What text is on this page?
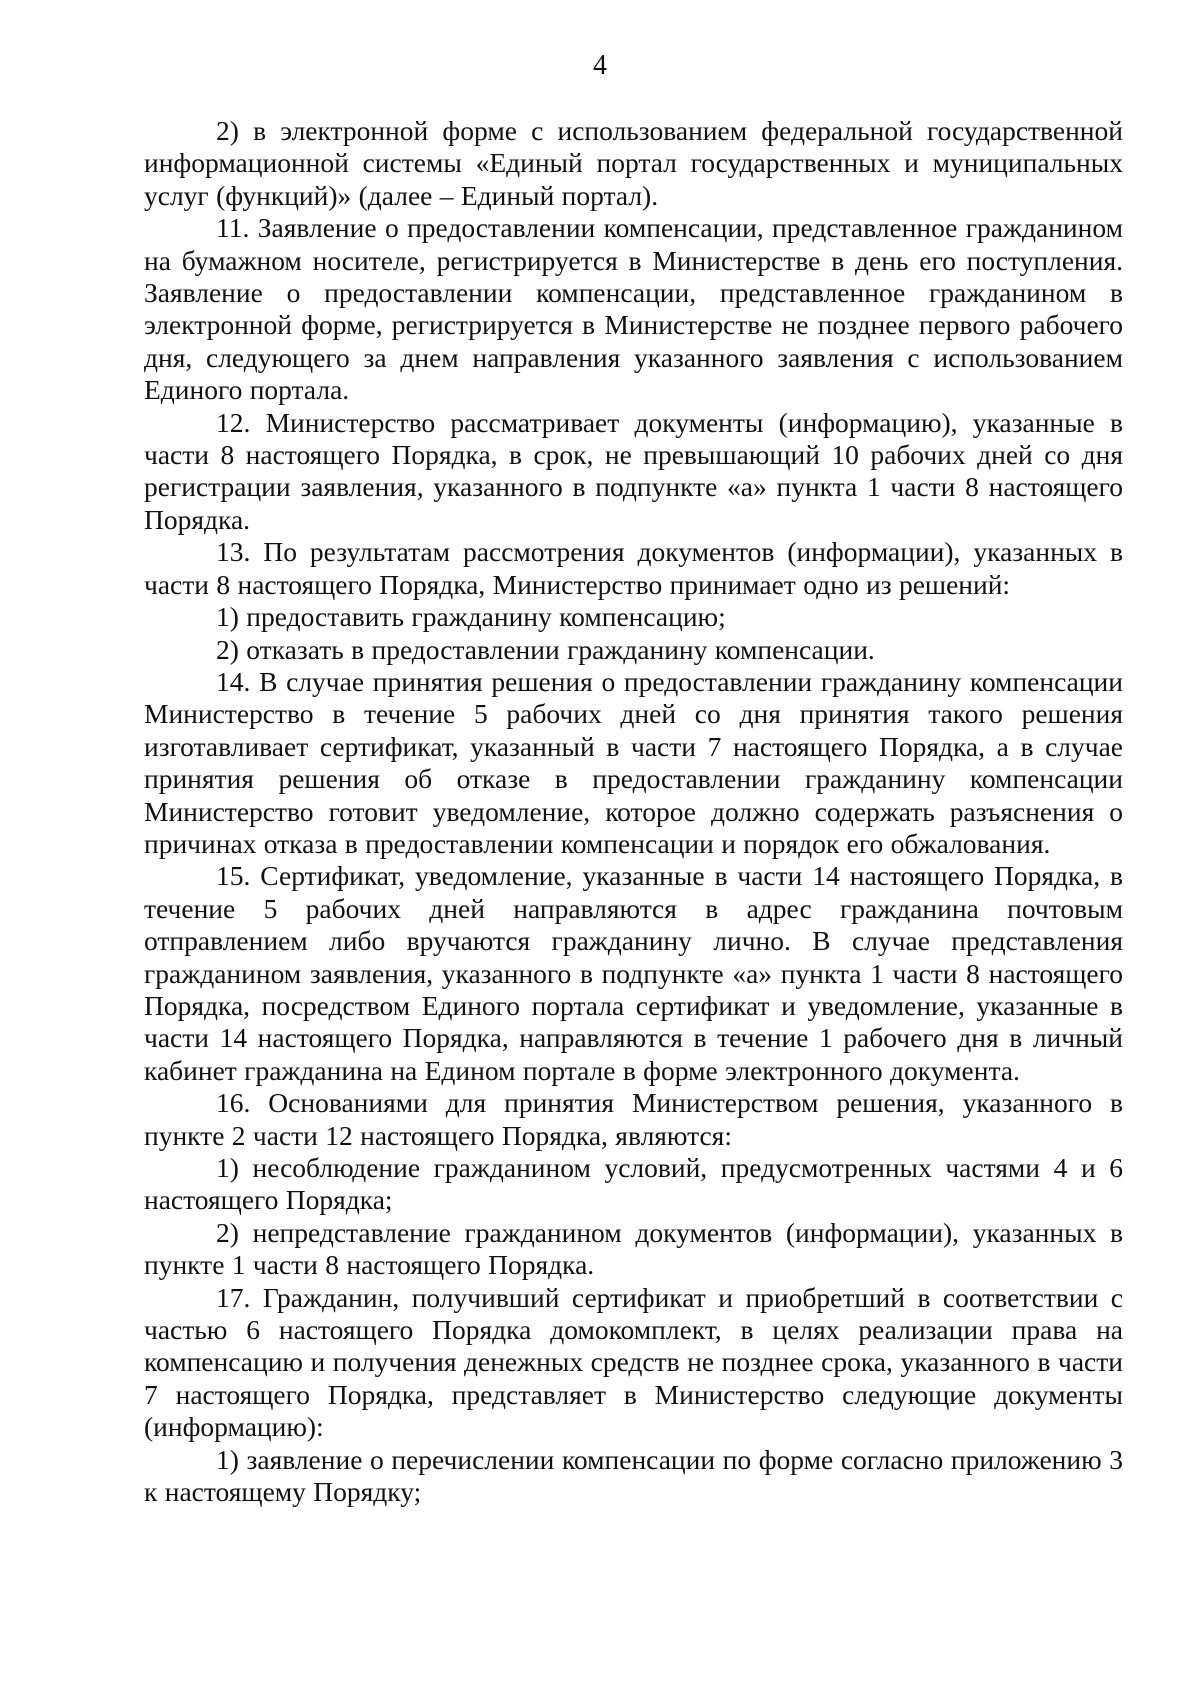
4

2) в электронной форме с использованием федеральной государственной информационной системы «Единый портал государственных и муниципальных услуг (функций)» (далее – Единый портал).

11. Заявление о предоставлении компенсации, представленное гражданином на бумажном носителе, регистрируется в Министерстве в день его поступления. Заявление о предоставлении компенсации, представленное гражданином в электронной форме, регистрируется в Министерстве не позднее первого рабочего дня, следующего за днем направления указанного заявления с использованием Единого портала.

12. Министерство рассматривает документы (информацию), указанные в части 8 настоящего Порядка, в срок, не превышающий 10 рабочих дней со дня регистрации заявления, указанного в подпункте «а» пункта 1 части 8 настоящего Порядка.

13. По результатам рассмотрения документов (информации), указанных в части 8 настоящего Порядка, Министерство принимает одно из решений:

1) предоставить гражданину компенсацию;

2) отказать в предоставлении гражданину компенсации.

14. В случае принятия решения о предоставлении гражданину компенсации Министерство в течение 5 рабочих дней со дня принятия такого решения изготавливает сертификат, указанный в части 7 настоящего Порядка, а в случае принятия решения об отказе в предоставлении гражданину компенсации Министерство готовит уведомление, которое должно содержать разъяснения о причинах отказа в предоставлении компенсации и порядок его обжалования.

15. Сертификат, уведомление, указанные в части 14 настоящего Порядка, в течение 5 рабочих дней направляются в адрес гражданина почтовым отправлением либо вручаются гражданину лично. В случае представления гражданином заявления, указанного в подпункте «а» пункта 1 части 8 настоящего Порядка, посредством Единого портала сертификат и уведомление, указанные в части 14 настоящего Порядка, направляются в течение 1 рабочего дня в личный кабинет гражданина на Едином портале в форме электронного документа.

16. Основаниями для принятия Министерством решения, указанного в пункте 2 части 12 настоящего Порядка, являются:

1) несоблюдение гражданином условий, предусмотренных частями 4 и 6 настоящего Порядка;

2) непредставление гражданином документов (информации), указанных в пункте 1 части 8 настоящего Порядка.

17. Гражданин, получивший сертификат и приобретший в соответствии с частью 6 настоящего Порядка домокомплект, в целях реализации права на компенсацию и получения денежных средств не позднее срока, указанного в части 7 настоящего Порядка, представляет в Министерство следующие документы (информацию):

1) заявление о перечислении компенсации по форме согласно приложению 3 к настоящему Порядку;
